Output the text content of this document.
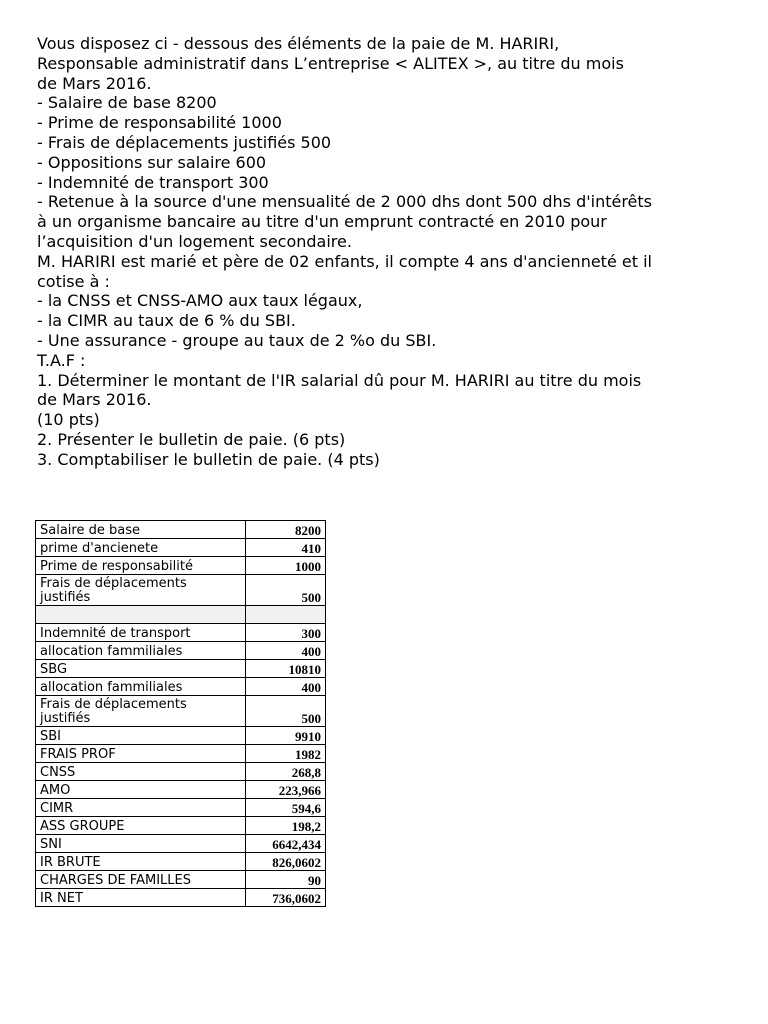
Vous disposez ci - dessous des éléments de la paie de M. HARIRI,
Responsable administratif dans L’entreprise < ALITEX >, au titre du mois
de Mars 2016.
- Salaire de base 8200
- Prime de responsabilité 1000
- Frais de déplacements justifiés 500
- Oppositions sur salaire 600
- Indemnité de transport 300
- Retenue à la source d'une mensualité de 2 000 dhs dont 500 dhs d'intérêts
à un organisme bancaire au titre d'un emprunt contracté en 2010 pour
l’acquisition d'un logement secondaire.
M. HARIRI est marié et père de 02 enfants, il compte 4 ans d'ancienneté et il
cotise à :
- la CNSS et CNSS-AMO aux taux légaux,
- la CIMR au taux de 6 % du SBI.
- Une assurance - groupe au taux de 2 %o du SBI.
T.A.F :
1. Déterminer le montant de l'IR salarial dû pour M. HARIRI au titre du mois
de Mars 2016.
(10 pts)
2. Présenter le bulletin de paie. (6 pts)
3. Comptabiliser le bulletin de paie. (4 pts)
Salaire de base	8200
prime d'ancienete	410
Prime de responsabilité	1000
Frais de déplacements
justifiés	500

Indemnité de transport	300
allocation fammiliales	400
SBG	10810
allocation fammiliales	400
Frais de déplacements
justifiés	500
SBI	9910
FRAIS PROF	1982
CNSS	268,8
AMO	223,966
CIMR	594,6
ASS GROUPE	198,2
SNI	6642,434
IR BRUTE	826,0602
CHARGES DE FAMILLES	90
IR NET	736,0602
